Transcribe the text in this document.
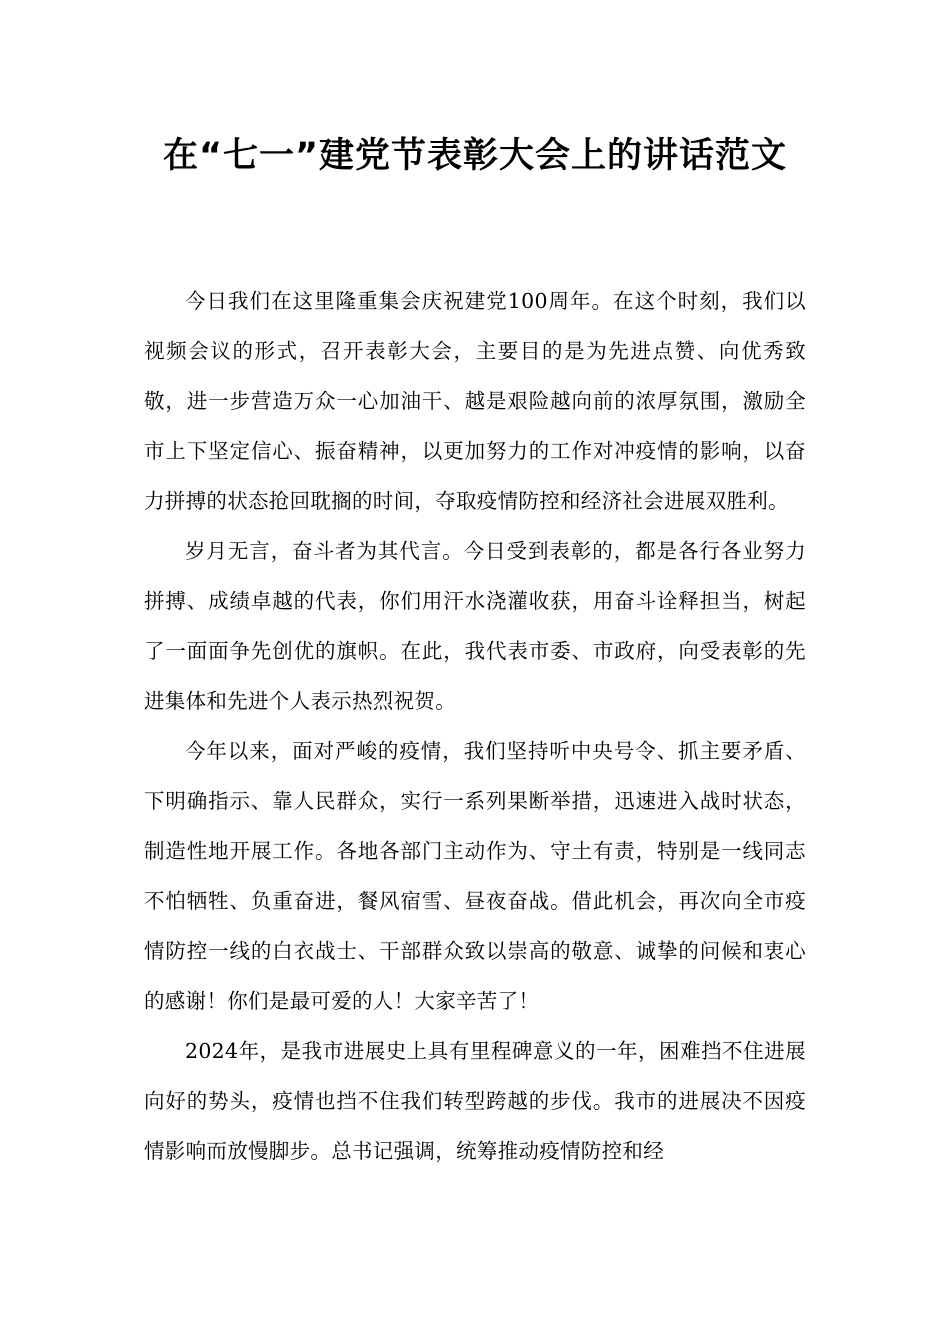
在“七一”建党节表彰大会上的讲话范文

今日我们在这里隆重集会庆祝建党100周年。在这个时刻，我们以视频会议的形式，召开表彰大会，主要目的是为先进点赞、向优秀致敬，进一步营造万众一心加油干、越是艰险越向前的浓厚氛围，激励全市上下坚定信心、振奋精神，以更加努力的工作对冲疫情的影响，以奋力拼搏的状态抢回耽搁的时间，夺取疫情防控和经济社会进展双胜利。

岁月无言，奋斗者为其代言。今日受到表彰的，都是各行各业努力拼搏、成绩卓越的代表，你们用汗水浇灌收获，用奋斗诠释担当，树起了一面面争先创优的旗帜。在此，我代表市委、市政府，向受表彰的先进集体和先进个人表示热烈祝贺。

今年以来，面对严峻的疫情，我们坚持听中央号令、抓主要矛盾、下明确指示、靠人民群众，实行一系列果断举措，迅速进入战时状态，制造性地开展工作。各地各部门主动作为、守土有责，特别是一线同志不怕牺牲、负重奋进，餐风宿雪、昼夜奋战。借此机会，再次向全市疫情防控一线的白衣战士、干部群众致以崇高的敬意、诚挚的问候和衷心的感谢！你们是最可爱的人！大家辛苦了！

2024年，是我市进展史上具有里程碑意义的一年，困难挡不住进展向好的势头，疫情也挡不住我们转型跨越的步伐。我市的进展决不因疫情影响而放慢脚步。总书记强调，统筹推动疫情防控和经
